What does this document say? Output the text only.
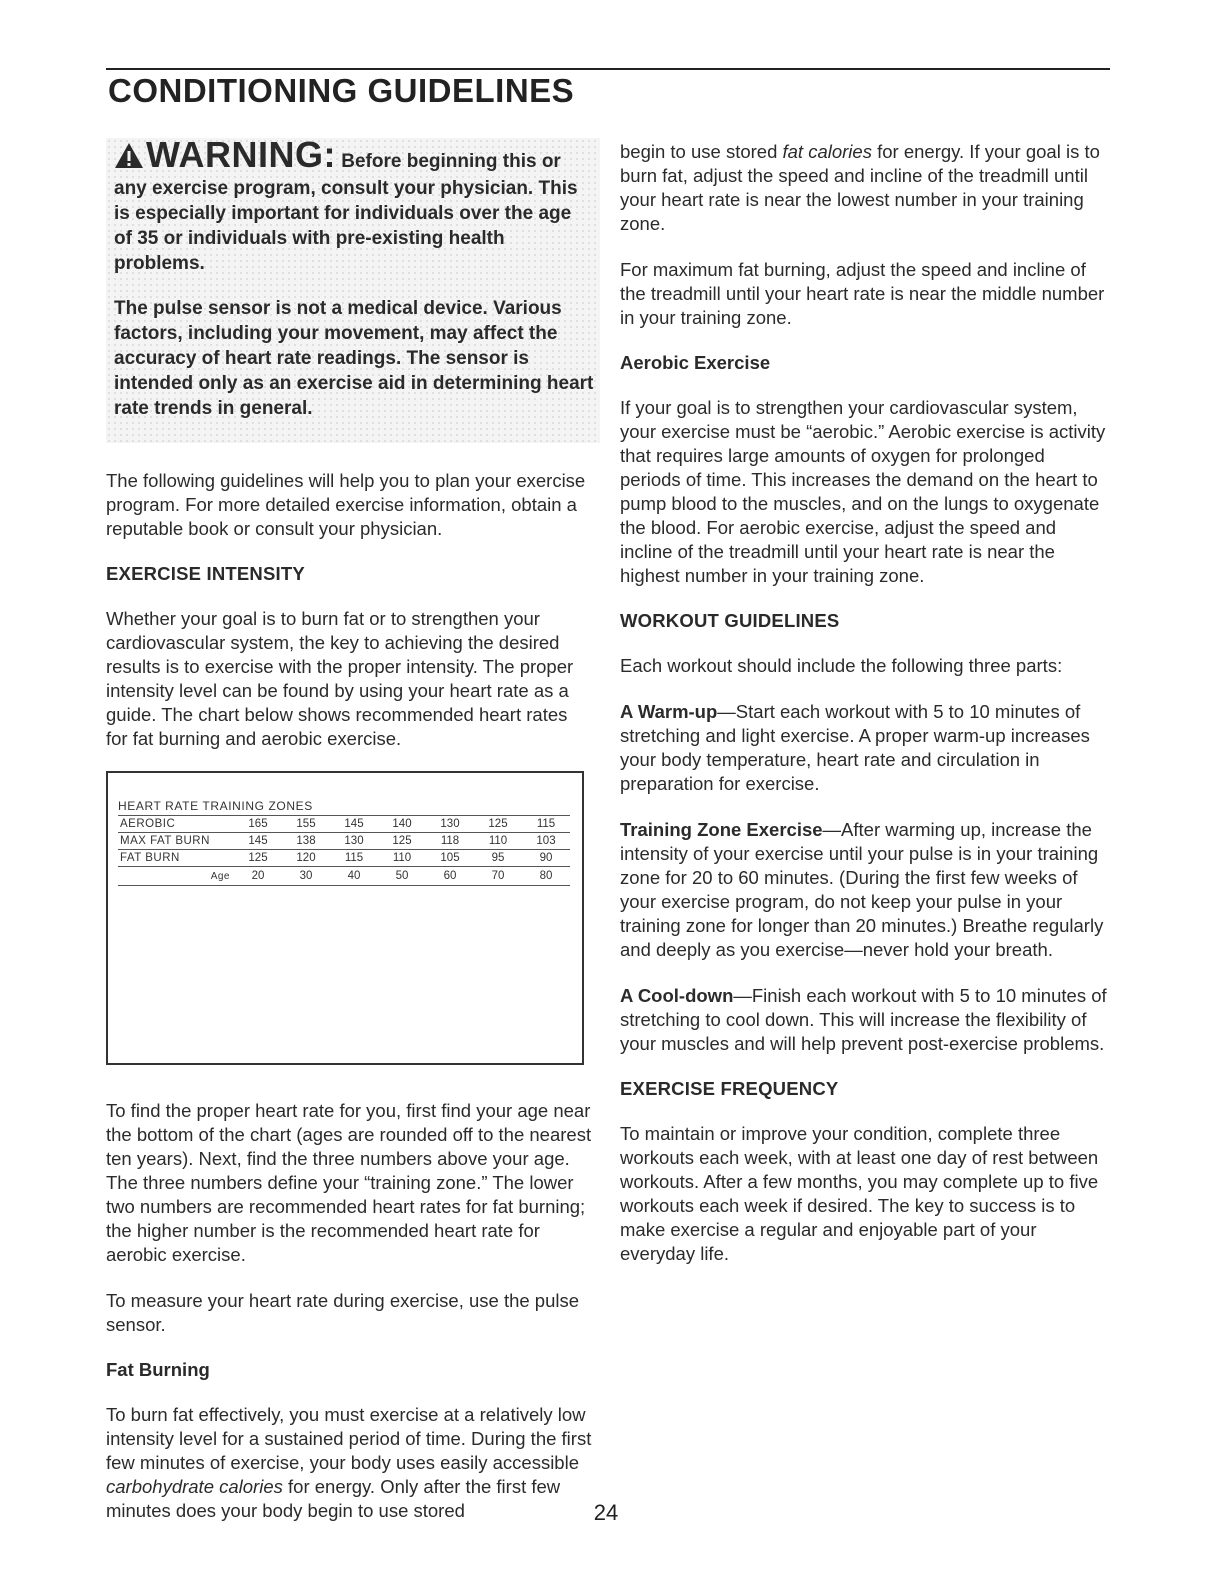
CONDITIONING GUIDELINES

WARNING: Before beginning this or any exercise program, consult your physician. This is especially important for individuals over the age of 35 or individuals with pre-existing health problems.

The pulse sensor is not a medical device. Various factors, including your movement, may affect the accuracy of heart rate readings. The sensor is intended only as an exercise aid in determining heart rate trends in general.

The following guidelines will help you to plan your exercise program. For more detailed exercise information, obtain a reputable book or consult your physician.

EXERCISE INTENSITY

Whether your goal is to burn fat or to strengthen your cardiovascular system, the key to achieving the desired results is to exercise with the proper intensity. The proper intensity level can be found by using your heart rate as a guide. The chart below shows recommended heart rates for fat burning and aerobic exercise.

HEART RATE TRAINING ZONES
AEROBIC	165	155	145	140	130	125	115
MAX FAT BURN	145	138	130	125	118	110	103
FAT BURN	125	120	115	110	105	95	90
Age	20	30	40	50	60	70	80

To find the proper heart rate for you, first find your age near the bottom of the chart (ages are rounded off to the nearest ten years). Next, find the three numbers above your age. The three numbers define your “training zone.” The lower two numbers are recommended heart rates for fat burning; the higher number is the recommended heart rate for aerobic exercise.

To measure your heart rate during exercise, use the pulse sensor.

Fat Burning

To burn fat effectively, you must exercise at a relatively low intensity level for a sustained period of time. During the first few minutes of exercise, your body uses easily accessible carbohydrate calories for energy. Only after the first few minutes does your body begin to use stored

begin to use stored fat calories for energy. If your goal is to burn fat, adjust the speed and incline of the treadmill until your heart rate is near the lowest number in your training zone.

For maximum fat burning, adjust the speed and incline of the treadmill until your heart rate is near the middle number in your training zone.

Aerobic Exercise

If your goal is to strengthen your cardiovascular system, your exercise must be “aerobic.” Aerobic exercise is activity that requires large amounts of oxygen for prolonged periods of time. This increases the demand on the heart to pump blood to the muscles, and on the lungs to oxygenate the blood. For aerobic exercise, adjust the speed and incline of the treadmill until your heart rate is near the highest number in your training zone.

WORKOUT GUIDELINES

Each workout should include the following three parts:

A Warm-up—Start each workout with 5 to 10 minutes of stretching and light exercise. A proper warm-up increases your body temperature, heart rate and circulation in preparation for exercise.

Training Zone Exercise—After warming up, increase the intensity of your exercise until your pulse is in your training zone for 20 to 60 minutes. (During the first few weeks of your exercise program, do not keep your pulse in your training zone for longer than 20 minutes.) Breathe regularly and deeply as you exercise—never hold your breath.

A Cool-down—Finish each workout with 5 to 10 minutes of stretching to cool down. This will increase the flexibility of your muscles and will help prevent post-exercise problems.

EXERCISE FREQUENCY

To maintain or improve your condition, complete three workouts each week, with at least one day of rest between workouts. After a few months, you may complete up to five workouts each week if desired. The key to success is to make exercise a regular and enjoyable part of your everyday life.

24
